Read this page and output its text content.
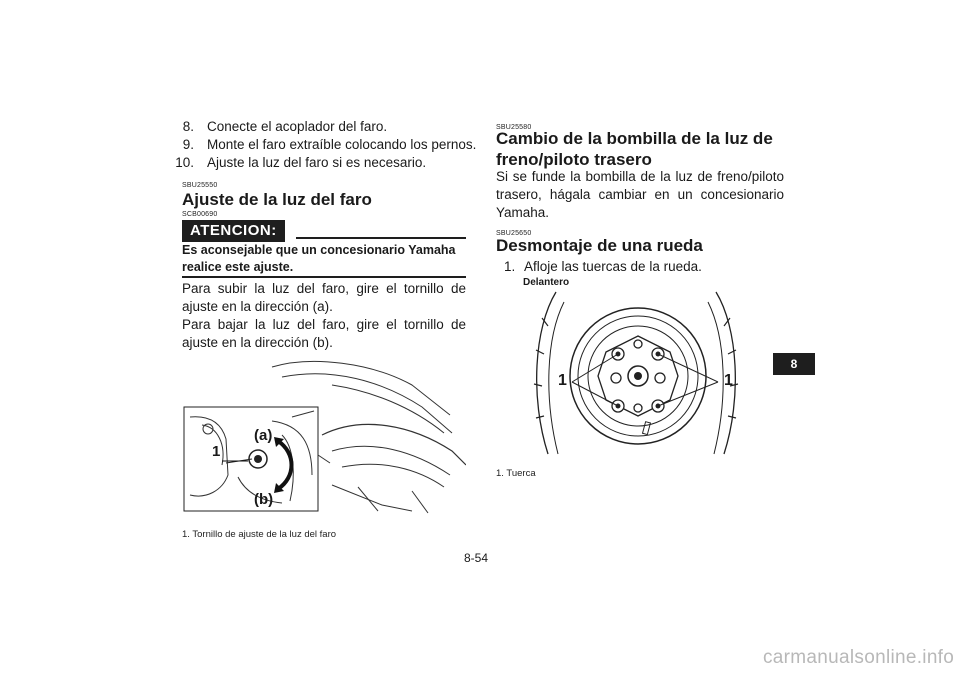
8. Conecte el acoplador del faro.
9. Monte el faro extraíble colocando los pernos.
10. Ajuste la luz del faro si es necesario.
SBU25550
Ajuste de la luz del faro
SCB00690
ATENCION:
Es aconsejable que un concesionario Yamaha realice este ajuste.
Para subir la luz del faro, gire el tornillo de ajuste en la dirección (a).
Para bajar la luz del faro, gire el tornillo de ajuste en la dirección (b).
(a)
(b)
1
1. Tornillo de ajuste de la luz del faro
SBU25580
Cambio de la bombilla de la luz de
freno/piloto trasero
Si se funde la bombilla de la luz de freno/piloto trasero, hágala cambiar en un concesionario Yamaha.
SBU25650
Desmontaje de una rueda
1. Afloje las tuercas de la rueda.
Delantero
1	1
1. Tuerca
8
8-54
carmanualsonline.info
